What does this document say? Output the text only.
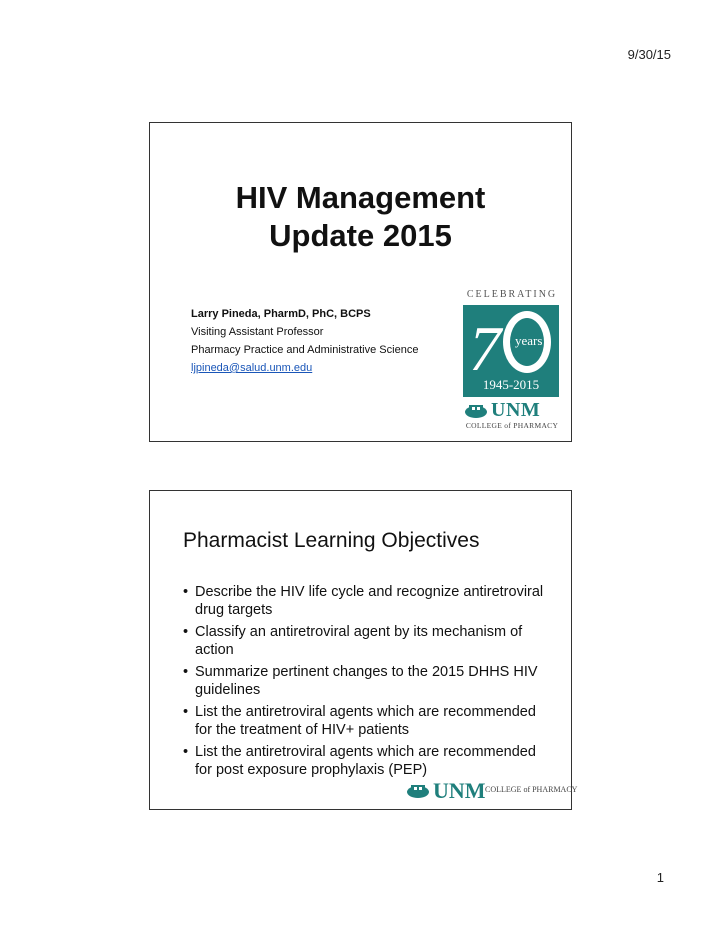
9/30/15
HIV Management
Update 2015
Larry Pineda, PharmD, PhC, BCPS
Visiting Assistant Professor
Pharmacy Practice and Administrative Science
ljpineda@salud.unm.edu
CELEBRATING
7 years
1945-2015
UNM
COLLEGE of PHARMACY
Pharmacist Learning Objectives
• Describe the HIV life cycle and recognize antiretroviral drug targets
• Classify an antiretroviral agent by its mechanism of action
• Summarize pertinent changes to the 2015 DHHS HIV guidelines
• List the antiretroviral agents which are recommended for the treatment of HIV+ patients
• List the antiretroviral agents which are recommended for post exposure prophylaxis (PEP)
UNM COLLEGE of PHARMACY
1
